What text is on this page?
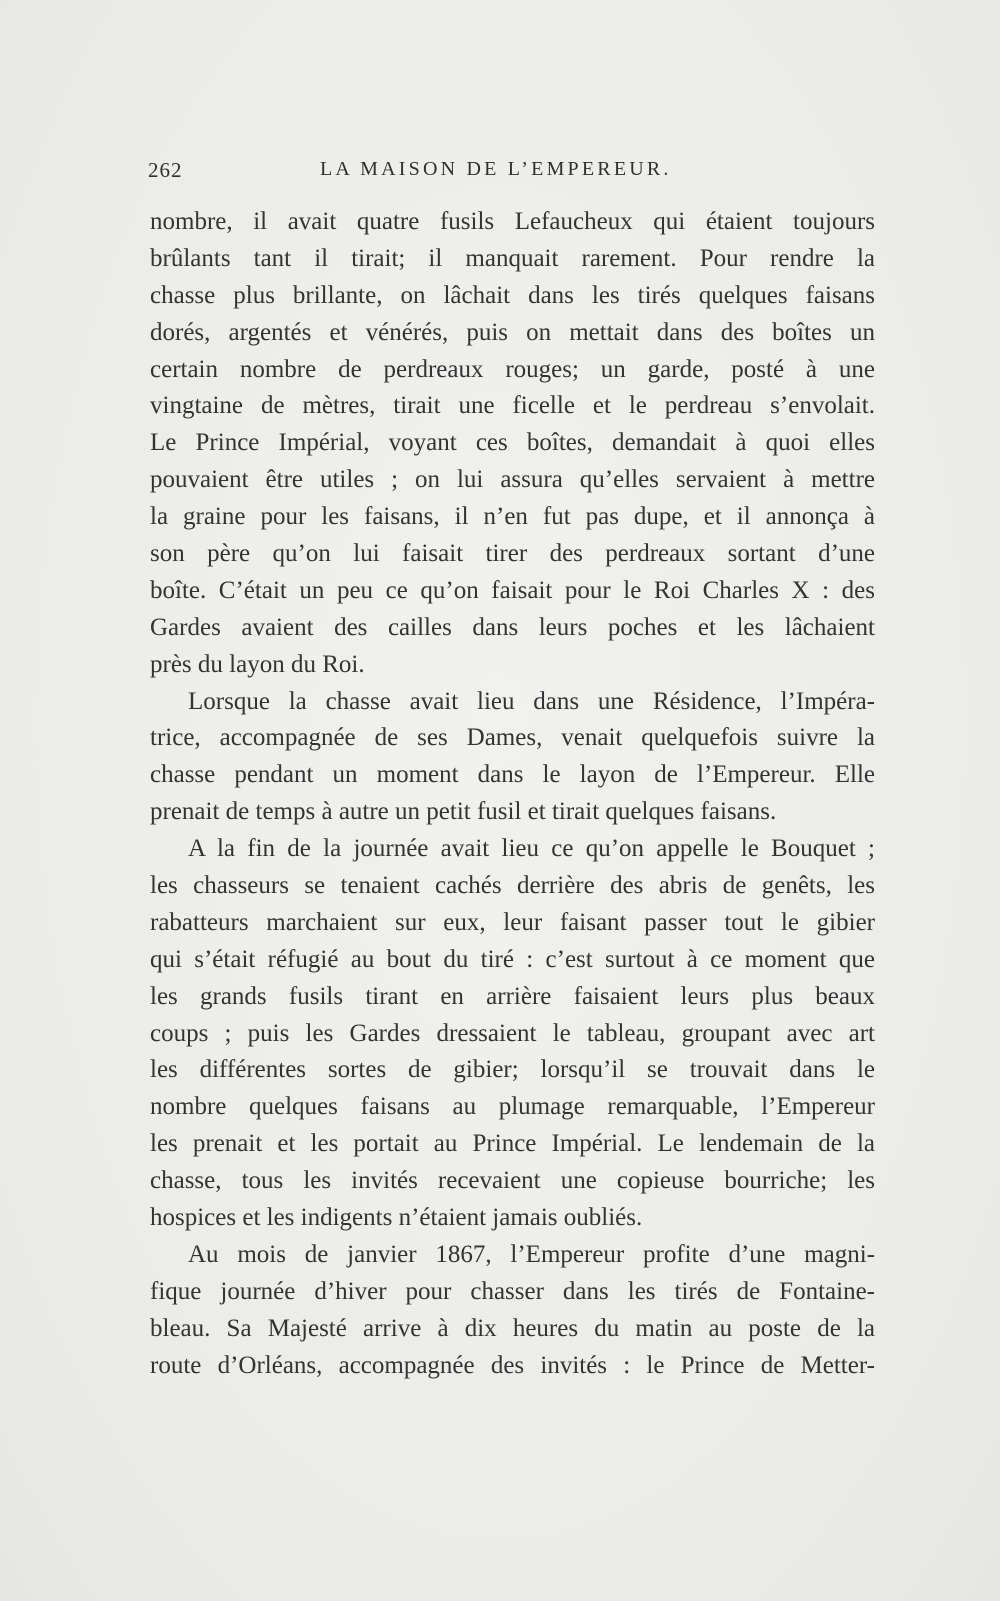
262	LA MAISON DE L’EMPEREUR.
nombre, il avait quatre fusils Lefaucheux qui étaient toujours
brûlants tant il tirait; il manquait rarement. Pour rendre la
chasse plus brillante, on lâchait dans les tirés quelques faisans
dorés, argentés et vénérés, puis on mettait dans des boîtes un
certain nombre de perdreaux rouges; un garde, posté à une
vingtaine de mètres, tirait une ficelle et le perdreau s’envolait.
Le Prince Impérial, voyant ces boîtes, demandait à quoi elles
pouvaient être utiles ; on lui assura qu’elles servaient à mettre
la graine pour les faisans, il n’en fut pas dupe, et il annonça à
son père qu’on lui faisait tirer des perdreaux sortant d’une
boîte. C’était un peu ce qu’on faisait pour le Roi Charles X : des
Gardes avaient des cailles dans leurs poches et les lâchaient
près du layon du Roi.
Lorsque la chasse avait lieu dans une Résidence, l’Impéra-
trice, accompagnée de ses Dames, venait quelquefois suivre la
chasse pendant un moment dans le layon de l’Empereur. Elle
prenait de temps à autre un petit fusil et tirait quelques faisans.
A la fin de la journée avait lieu ce qu’on appelle le Bouquet ;
les chasseurs se tenaient cachés derrière des abris de genêts, les
rabatteurs marchaient sur eux, leur faisant passer tout le gibier
qui s’était réfugié au bout du tiré : c’est surtout à ce moment que
les grands fusils tirant en arrière faisaient leurs plus beaux
coups ; puis les Gardes dressaient le tableau, groupant avec art
les différentes sortes de gibier; lorsqu’il se trouvait dans le
nombre quelques faisans au plumage remarquable, l’Empereur
les prenait et les portait au Prince Impérial. Le lendemain de la
chasse, tous les invités recevaient une copieuse bourriche; les
hospices et les indigents n’étaient jamais oubliés.
Au mois de janvier 1867, l’Empereur profite d’une magni-
fique journée d’hiver pour chasser dans les tirés de Fontaine-
bleau. Sa Majesté arrive à dix heures du matin au poste de la
route d’Orléans, accompagnée des invités : le Prince de Metter-
